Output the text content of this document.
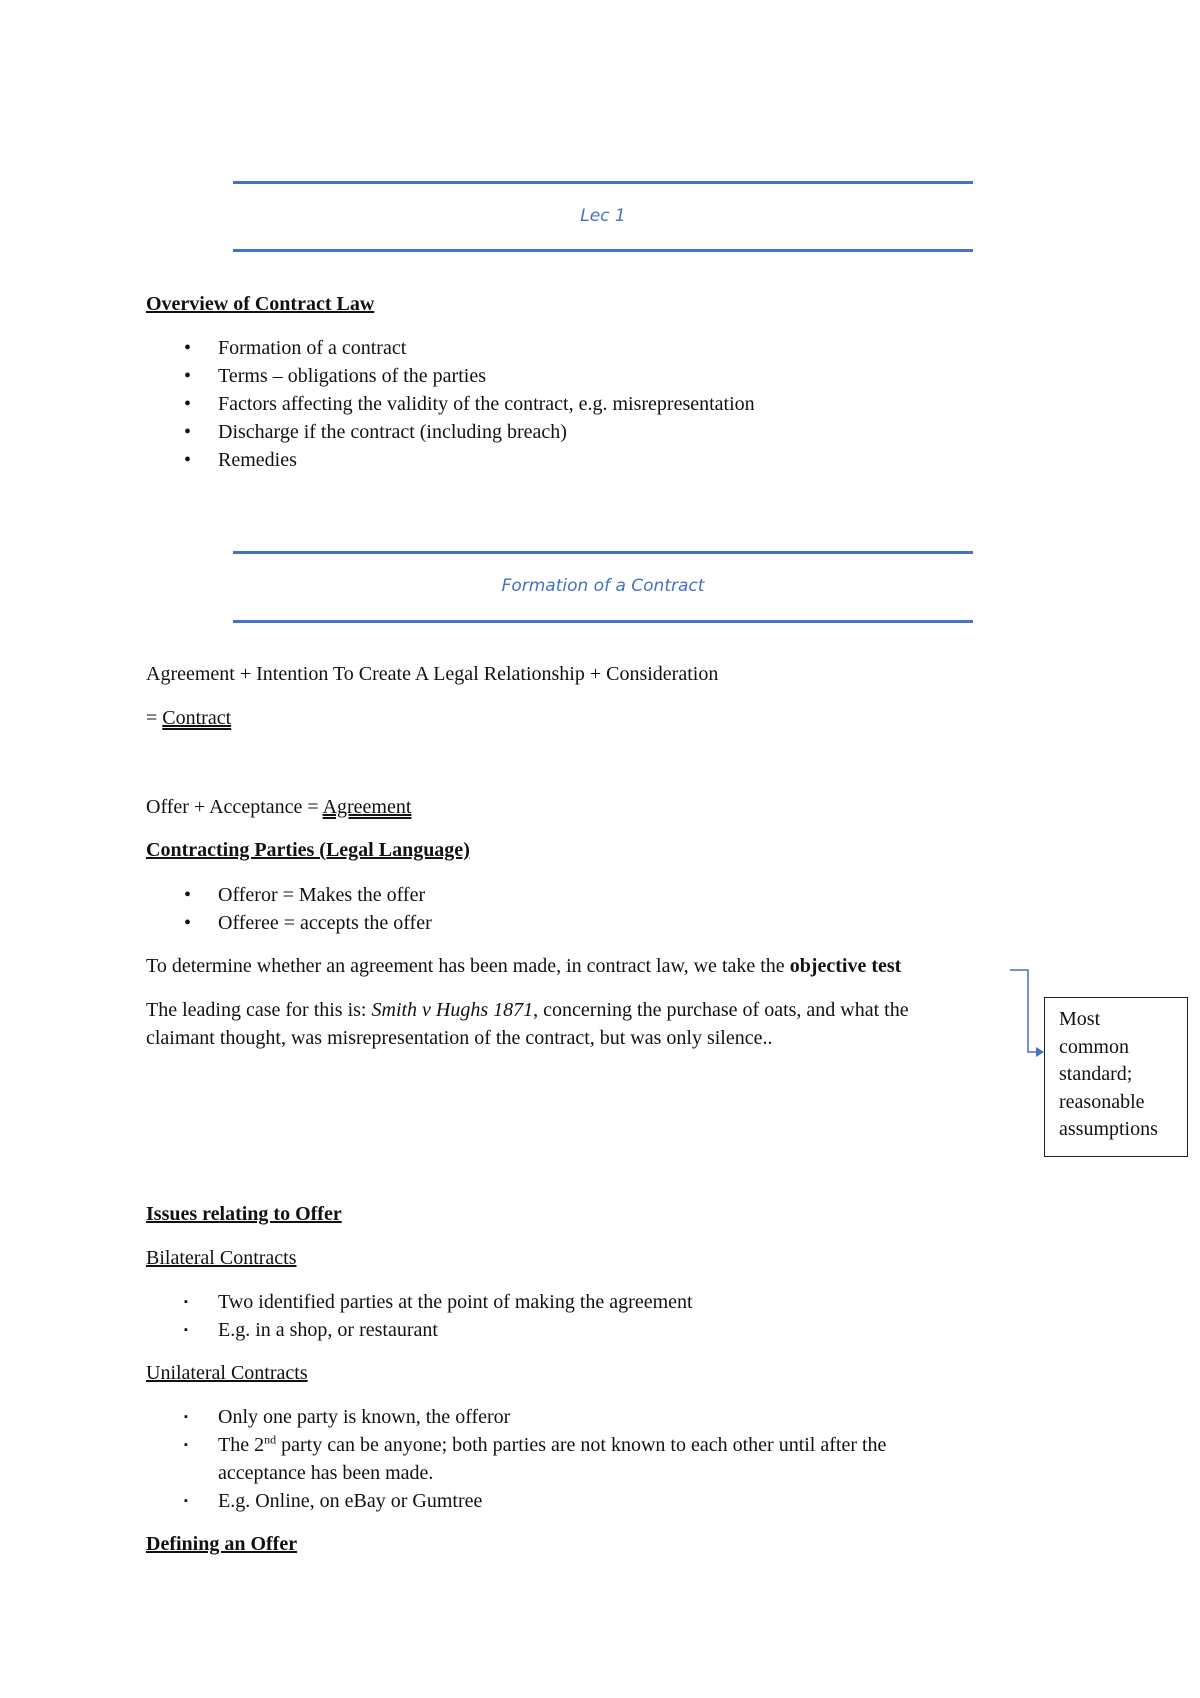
Lec 1
Overview of Contract Law
• Formation of a contract
• Terms – obligations of the parties
• Factors affecting the validity of the contract, e.g. misrepresentation
• Discharge if the contract (including breach)
• Remedies
Formation of a Contract
Agreement + Intention To Create A Legal Relationship + Consideration
= Contract
Offer + Acceptance = Agreement
Contracting Parties (Legal Language)
• Offeror = Makes the offer
• Offeree = accepts the offer
To determine whether an agreement has been made, in contract law, we take the objective test
The leading case for this is: Smith v Hughs 1871, concerning the purchase of oats, and what the
claimant thought, was misrepresentation of the contract, but was only silence..
Most common standard; reasonable assumptions
Issues relating to Offer
Bilateral Contracts
▪ Two identified parties at the point of making the agreement
▪ E.g. in a shop, or restaurant
Unilateral Contracts
▪ Only one party is known, the offeror
▪ The 2nd party can be anyone; both parties are not known to each other until after the
acceptance has been made.
▪ E.g. Online, on eBay or Gumtree
Defining an Offer
